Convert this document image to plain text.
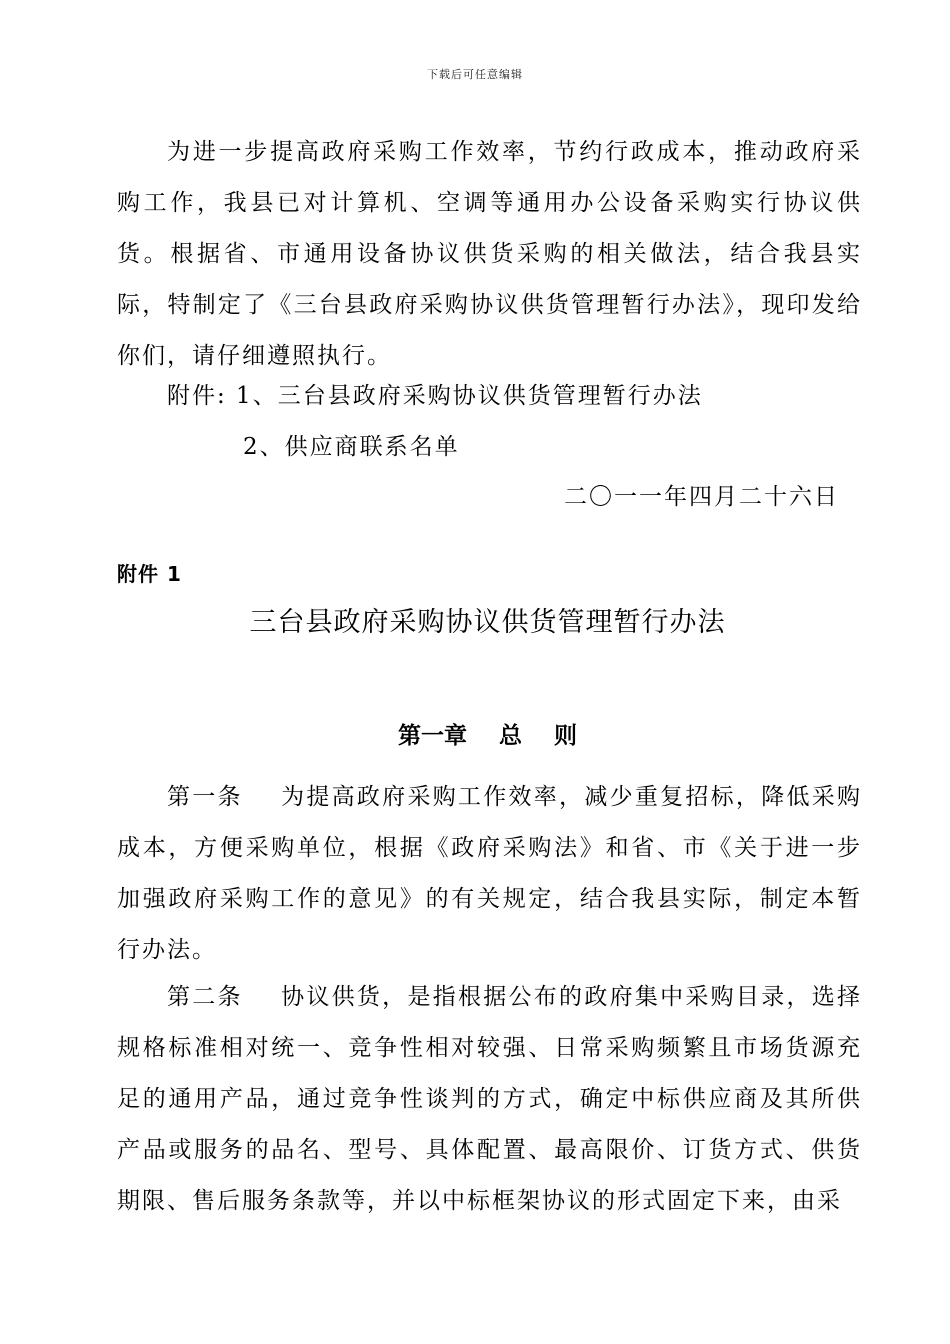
下载后可任意编辑

为进一步提高政府采购工作效率，节约行政成本，推动政府采购工作，我县已对计算机、空调等通用办公设备采购实行协议供货。根据省、市通用设备协议供货采购的相关做法，结合我县实际，特制定了《三台县政府采购协议供货管理暂行办法》，现印发给你们，请仔细遵照执行。

附件: 1、三台县政府采购协议供货管理暂行办法
2、供应商联系名单
二〇一一年四月二十六日
附件 1
三台县政府采购协议供货管理暂行办法
第一章    总    则

第一条    为提高政府采购工作效率，减少重复招标，降低采购成本，方便采购单位，根据《政府采购法》和省、市《关于进一步加强政府采购工作的意见》的有关规定，结合我县实际，制定本暂行办法。

第二条    协议供货，是指根据公布的政府集中采购目录，选择规格标准相对统一、竞争性相对较强、日常采购频繁且市场货源充足的通用产品，通过竞争性谈判的方式，确定中标供应商及其所供产品或服务的品名、型号、具体配置、最高限价、订货方式、供货期限、售后服务条款等，并以中标框架协议的形式固定下来，由采
